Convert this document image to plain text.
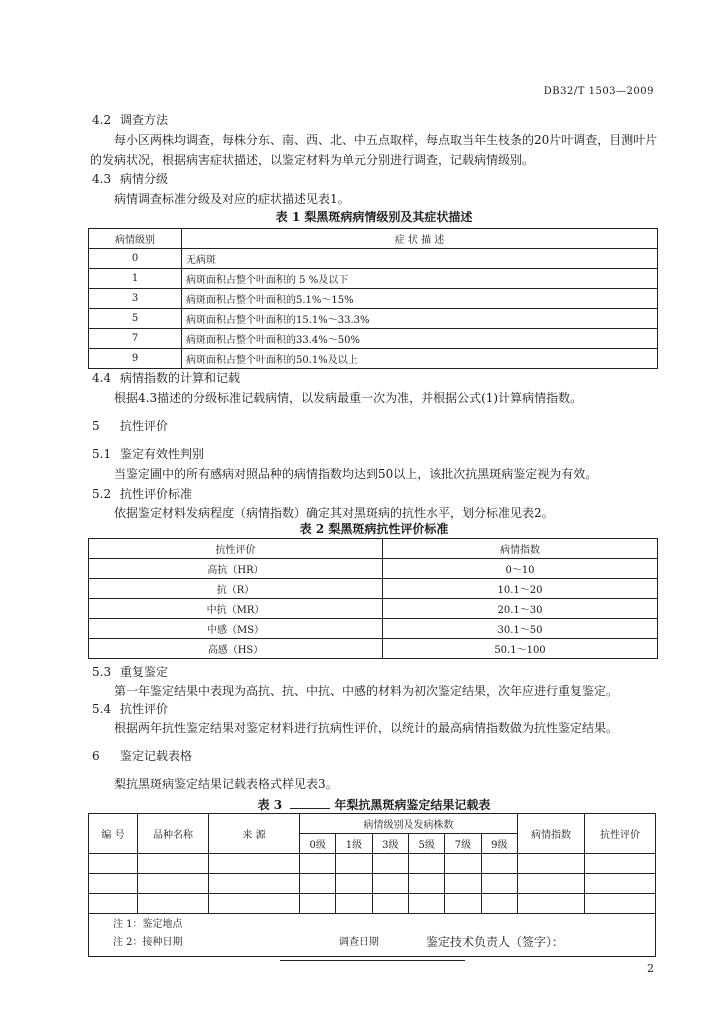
DB32/T 1503—2009
4.2 调查方法
每小区两株均调查，每株分东、南、西、北、中五点取样，每点取当年生枝条的20片叶调查，目测叶片的发病状况，根据病害症状描述，以鉴定材料为单元分别进行调查，记载病情级别。
4.3 病情分级
病情调查标准分级及对应的症状描述见表1。
表 1 梨黑斑病病情级别及其症状描述
病情级别	症 状 描 述
0	无病斑
1	病斑面积占整个叶面积的 5 %及以下
3	病斑面积占整个叶面积的5.1%～15%
5	病斑面积占整个叶面积的15.1%～33.3%
7	病斑面积占整个叶面积的33.4%～50%
9	病斑面积占整个叶面积的50.1%及以上
4.4 病情指数的计算和记载
根据4.3描述的分级标准记载病情，以发病最重一次为准，并根据公式(1)计算病情指数。
5 抗性评价
5.1 鉴定有效性判别
当鉴定圃中的所有感病对照品种的病情指数均达到50以上，该批次抗黑斑病鉴定视为有效。
5.2 抗性评价标准
依据鉴定材料发病程度（病情指数）确定其对黑斑病的抗性水平，划分标准见表2。
表 2 梨黑斑病抗性评价标准
抗性评价	病情指数
高抗（HR）	0～10
抗（R）	10.1～20
中抗（MR）	20.1～30
中感（MS）	30.1～50
高感（HS）	50.1～100
5.3 重复鉴定
第一年鉴定结果中表现为高抗、抗、中抗、中感的材料为初次鉴定结果，次年应进行重复鉴定。
5.4 抗性评价
根据两年抗性鉴定结果对鉴定材料进行抗病性评价，以统计的最高病情指数做为抗性鉴定结果。
6 鉴定记载表格
梨抗黑斑病鉴定结果记载表格式样见表3。
表 3	年梨抗黑斑病鉴定结果记载表
编 号	品种名称	来 源	病情级别及发病株数						病情指数	抗性评价
			0级	1级	3级	5级	7级	9级		

注 1：鉴定地点
注 2：接种日期 调查日期											鉴定技术负责人（签字）：
2
